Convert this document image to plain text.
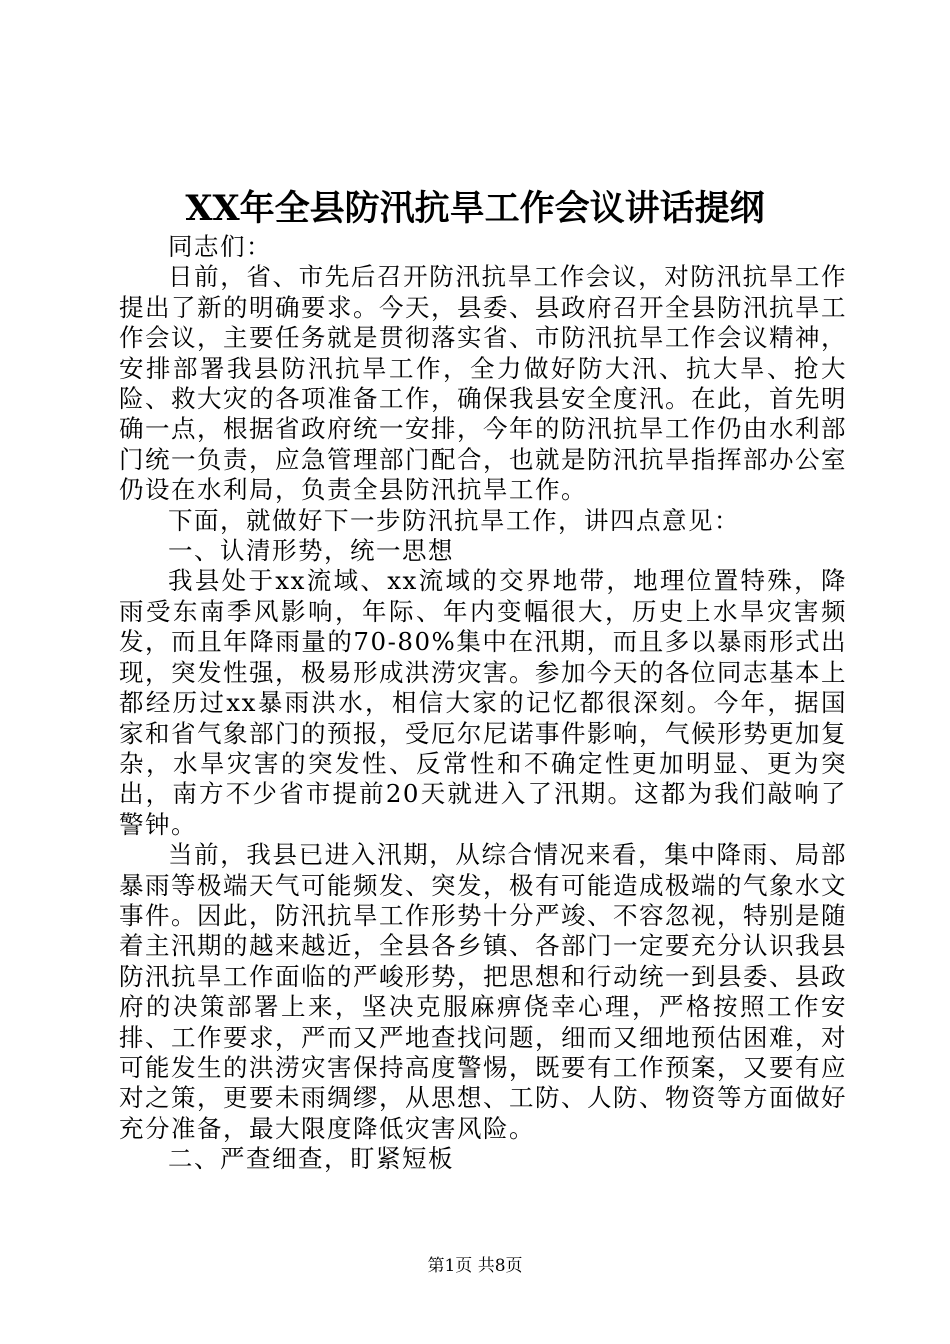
XX年全县防汛抗旱工作会议讲话提纲

同志们：

日前，省、市先后召开防汛抗旱工作会议，对防汛抗旱工作提出了新的明确要求。今天，县委、县政府召开全县防汛抗旱工作会议，主要任务就是贯彻落实省、市防汛抗旱工作会议精神，安排部署我县防汛抗旱工作，全力做好防大汛、抗大旱、抢大险、救大灾的各项准备工作，确保我县安全度汛。在此，首先明确一点，根据省政府统一安排，今年的防汛抗旱工作仍由水利部门统一负责，应急管理部门配合，也就是防汛抗旱指挥部办公室仍设在水利局，负责全县防汛抗旱工作。

下面，就做好下一步防汛抗旱工作，讲四点意见：

一、认清形势，统一思想

我县处于xx流域、xx流域的交界地带，地理位置特殊，降雨受东南季风影响，年际、年内变幅很大，历史上水旱灾害频发，而且年降雨量的70-80%集中在汛期，而且多以暴雨形式出现，突发性强，极易形成洪涝灾害。参加今天的各位同志基本上都经历过xx暴雨洪水，相信大家的记忆都很深刻。今年，据国家和省气象部门的预报，受厄尔尼诺事件影响，气候形势更加复杂，水旱灾害的突发性、反常性和不确定性更加明显、更为突出，南方不少省市提前20天就进入了汛期。这都为我们敲响了警钟。

当前，我县已进入汛期，从综合情况来看，集中降雨、局部暴雨等极端天气可能频发、突发，极有可能造成极端的气象水文事件。因此，防汛抗旱工作形势十分严竣、不容忽视，特别是随着主汛期的越来越近，全县各乡镇、各部门一定要充分认识我县防汛抗旱工作面临的严峻形势，把思想和行动统一到县委、县政府的决策部署上来，坚决克服麻痹侥幸心理，严格按照工作安排、工作要求，严而又严地查找问题，细而又细地预估困难，对可能发生的洪涝灾害保持高度警惕，既要有工作预案，又要有应对之策，更要未雨绸缪，从思想、工防、人防、物资等方面做好充分准备，最大限度降低灾害风险。

二、严查细查，盯紧短板

第1页 共8页
